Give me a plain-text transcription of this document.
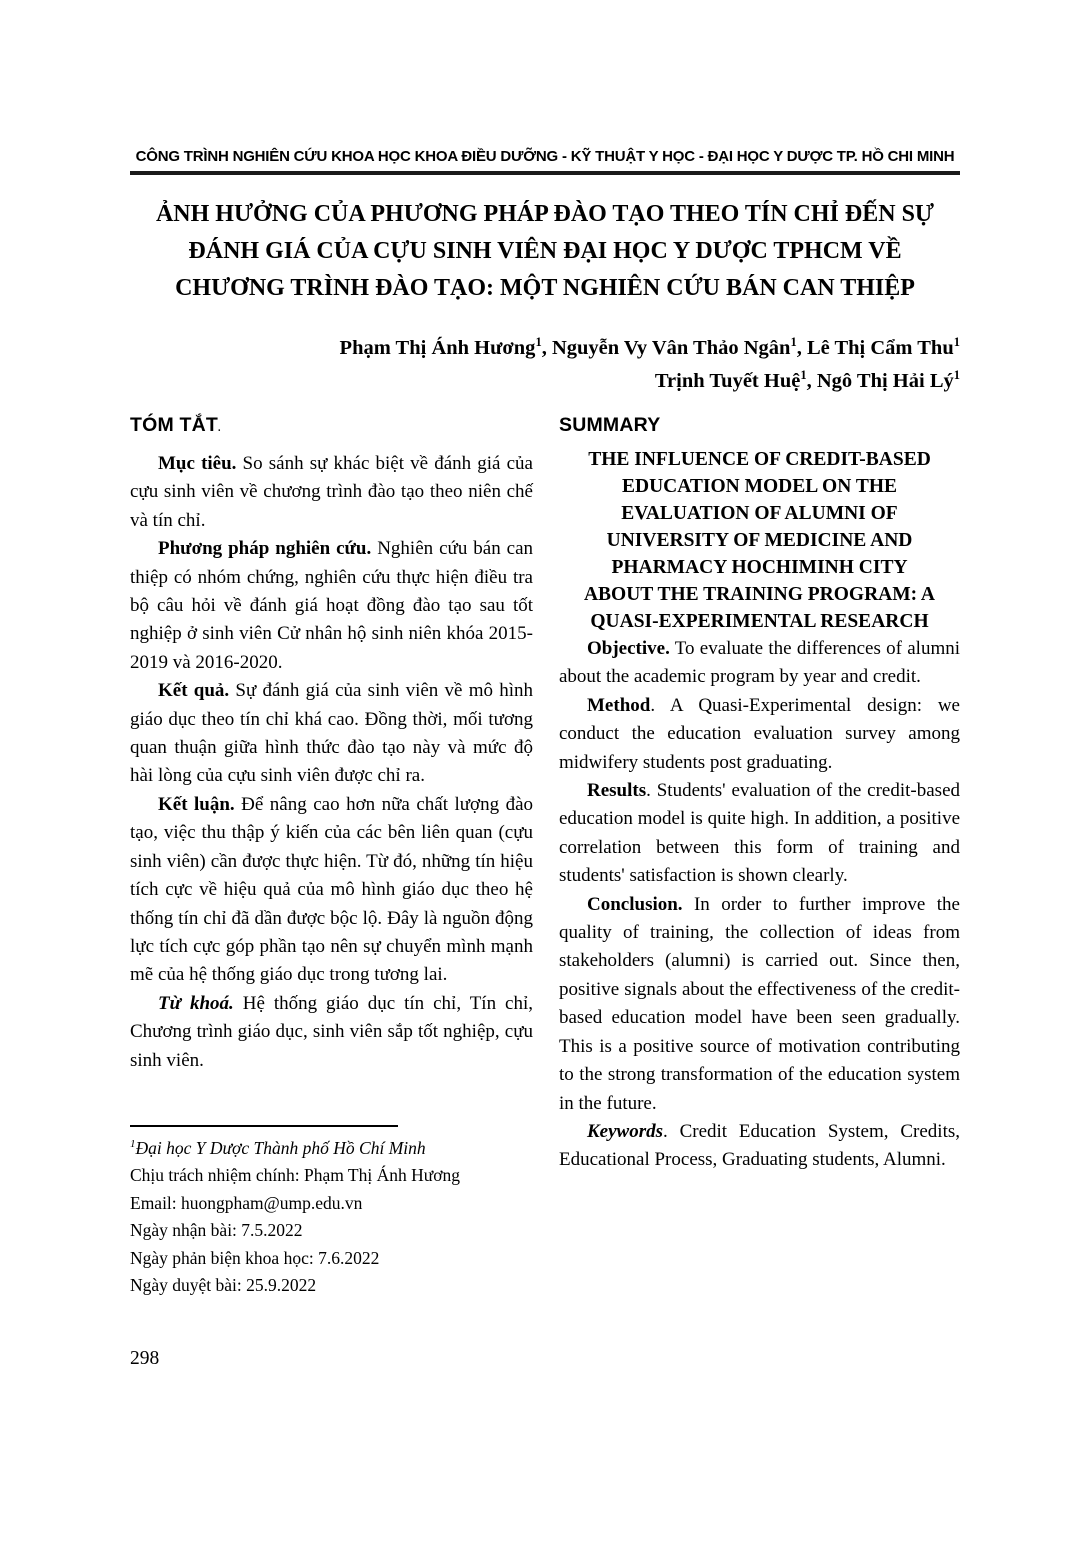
CÔNG TRÌNH NGHIÊN CỨU KHOA HỌC KHOA ĐIỀU DƯỠNG - KỸ THUẬT Y HỌC - ĐẠI HỌC Y DƯỢC TP. HỒ CHI MINH
ẢNH HƯỞNG CỦA PHƯƠNG PHÁP ĐÀO TẠO THEO TÍN CHỈ ĐẾN SỰ
ĐÁNH GIÁ CỦA CỰU SINH VIÊN ĐẠI HỌC Y DƯỢC TPHCM VỀ
CHƯƠNG TRÌNH ĐÀO TẠO: MỘT NGHIÊN CỨU BÁN CAN THIỆP
Phạm Thị Ánh Hương$^1$, Nguyễn Vy Vân Thảo Ngân$^1$, Lê Thị Cẩm Thu$^1$
Trịnh Tuyết Huệ$^1$, Ngô Thị Hải $Lý^1$
TÓM TẮT.

Mục tiêu. So sánh sự khác biệt về đánh giá của cựu sinh viên về chương trình đào tạo theo niên chế và tín chỉ.

Phương pháp nghiên cứu. Nghiên cứu bán can thiệp có nhóm chứng, nghiên cứu thực hiện điều tra bộ câu hỏi về đánh giá hoạt đồng đào tạo sau tốt nghiệp ở sinh viên Cử nhân hộ sinh niên khóa 2015-2019 và 2016-2020.

Kết quả. Sự đánh giá của sinh viên về mô hình giáo dục theo tín chỉ khá cao. Đồng thời, mối tương quan thuận giữa hình thức đào tạo này và mức độ hài lòng của cựu sinh viên được chỉ ra.

Kết luận. Để nâng cao hơn nữa chất lượng đào tạo, việc thu thập ý kiến của các bên liên quan (cựu sinh viên) cần được thực hiện. Từ đó, những tín hiệu tích cực về hiệu quả của mô hình giáo dục theo hệ thống tín chỉ đã dần được bộc lộ. Đây là nguồn động lực tích cực góp phần tạo nên sự chuyển mình mạnh mẽ của hệ thống giáo dục trong tương lai.

Từ khoá. Hệ thống giáo dục tín chỉ, Tín chỉ, Chương trình giáo dục, sinh viên sắp tốt nghiệp, cựu sinh viên.

$^1$Đại học Y Dược Thành phố Hồ Chí Minh
Chịu trách nhiệm chính: Phạm Thị Ánh Hương
Email: huongpham@ump.edu.vn
Ngày nhận bài: 7.5.2022
Ngày phản biện khoa học: 7.6.2022
Ngày duyệt bài: 25.9.2022
SUMMARY
THE INFLUENCE OF CREDIT-BASED
EDUCATION MODEL ON THE
EVALUATION OF ALUMNI OF
UNIVERSITY OF MEDICINE AND
PHARMACY HOCHIMINH CITY
ABOUT THE TRAINING PROGRAM: A
QUASI-EXPERIMENTAL RESEARCH

Objective. To evaluate the differences of alumni about the academic program by year and credit.

Method. A Quasi-Experimental design: we conduct the education evaluation survey among midwifery students post graduating.

Results. Students' evaluation of the credit-based education model is quite high. In addition, a positive correlation between this form of training and students' satisfaction is shown clearly.

Conclusion. In order to further improve the quality of training, the collection of ideas from stakeholders (alumni) is carried out. Since then, positive signals about the effectiveness of the credit-based education model have been seen gradually. This is a positive source of motivation contributing to the strong transformation of the education system in the future.

Keywords. Credit Education System, Credits, Educational Process, Graduating students, Alumni.

298
